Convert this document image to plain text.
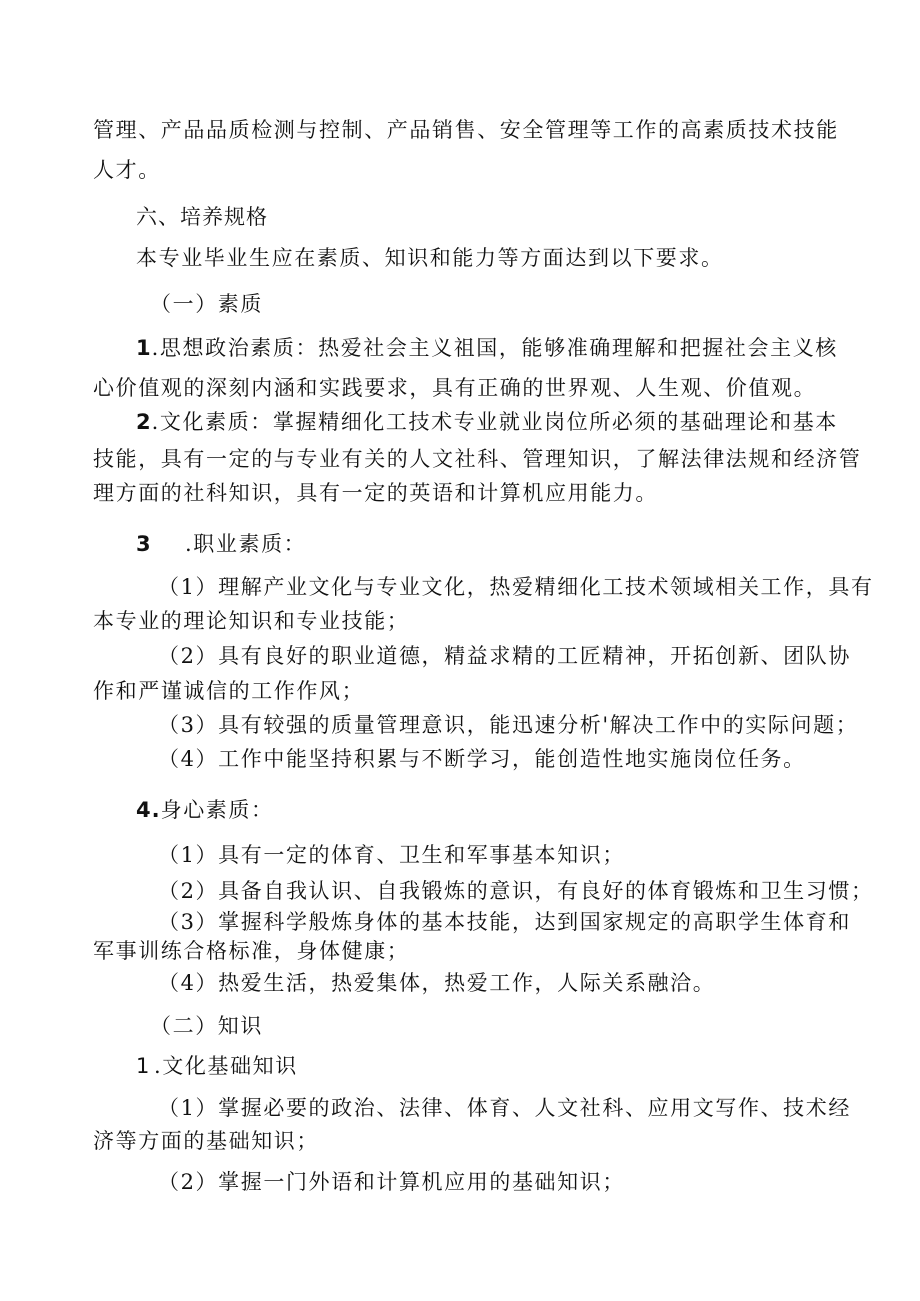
管理、产品品质检测与控制、产品销售、安全管理等工作的高素质技术技能
人才。
六、培养规格
本专业毕业生应在素质、知识和能力等方面达到以下要求。
（一）素质
1.思想政治素质：热爱社会主义祖国，能够准确理解和把握社会主义核
心价值观的深刻内涵和实践要求，具有正确的世界观、人生观、价值观。
2.文化素质：掌握精细化工技术专业就业岗位所必须的基础理论和基本
技能，具有一定的与专业有关的人文社科、管理知识，了解法律法规和经济管
理方面的社科知识，具有一定的英语和计算机应用能力。
3 .职业素质：
（1）理解产业文化与专业文化，热爱精细化工技术领域相关工作，具有
本专业的理论知识和专业技能；
（2）具有良好的职业道德，精益求精的工匠精神，开拓创新、团队协
作和严谨诚信的工作作风；
（3）具有较强的质量管理意识，能迅速分析'解决工作中的实际问题；
（4）工作中能坚持积累与不断学习，能创造性地实施岗位任务。
4.身心素质：
（1）具有一定的体育、卫生和军事基本知识；
（2）具备自我认识、自我锻炼的意识，有良好的体育锻炼和卫生习惯；
（3）掌握科学般炼身体的基本技能，达到国家规定的高职学生体育和
军事训练合格标准，身体健康；
（4）热爱生活，热爱集体，热爱工作，人际关系融洽。
（二）知识
1 .文化基础知识
（1）掌握必要的政治、法律、体育、人文社科、应用文写作、技术经
济等方面的基础知识；
（2）掌握一门外语和计算机应用的基础知识；
